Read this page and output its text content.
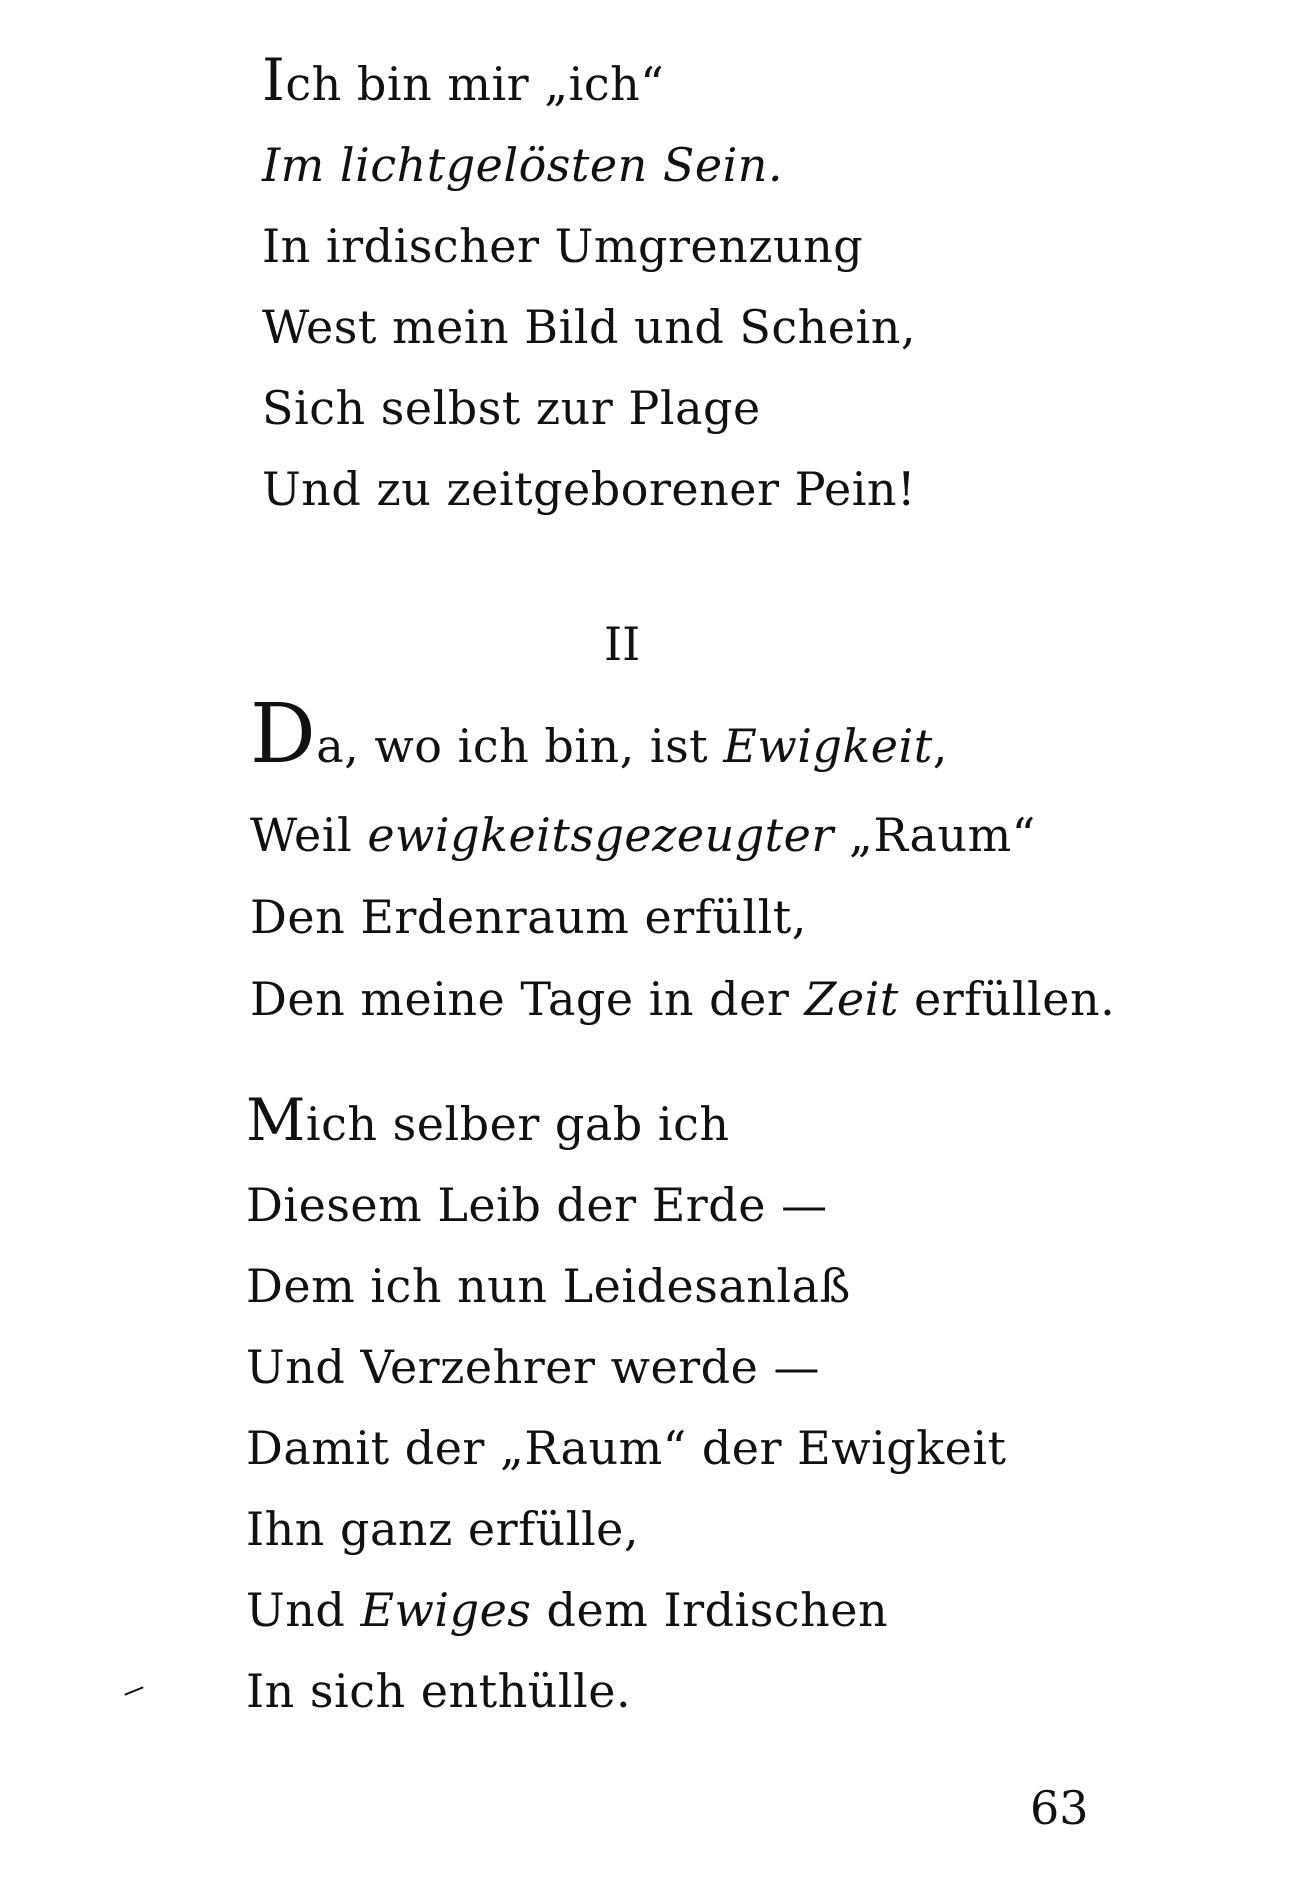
Ich bin mir „ich“
Im lichtgelösten Sein.
In irdischer Umgrenzung
West mein Bild und Schein,
Sich selbst zur Plage
Und zu zeitgeborener Pein!
II
Da, wo ich bin, ist Ewigkeit,
Weil ewigkeitsgezeugter „Raum“
Den Erdenraum erfüllt,
Den meine Tage in der Zeit erfüllen.
Mich selber gab ich
Diesem Leib der Erde —
Dem ich nun Leidesanlaß
Und Verzehrer werde —
Damit der „Raum“ der Ewigkeit
Ihn ganz erfülle,
Und Ewiges dem Irdischen
In sich enthülle.
63
